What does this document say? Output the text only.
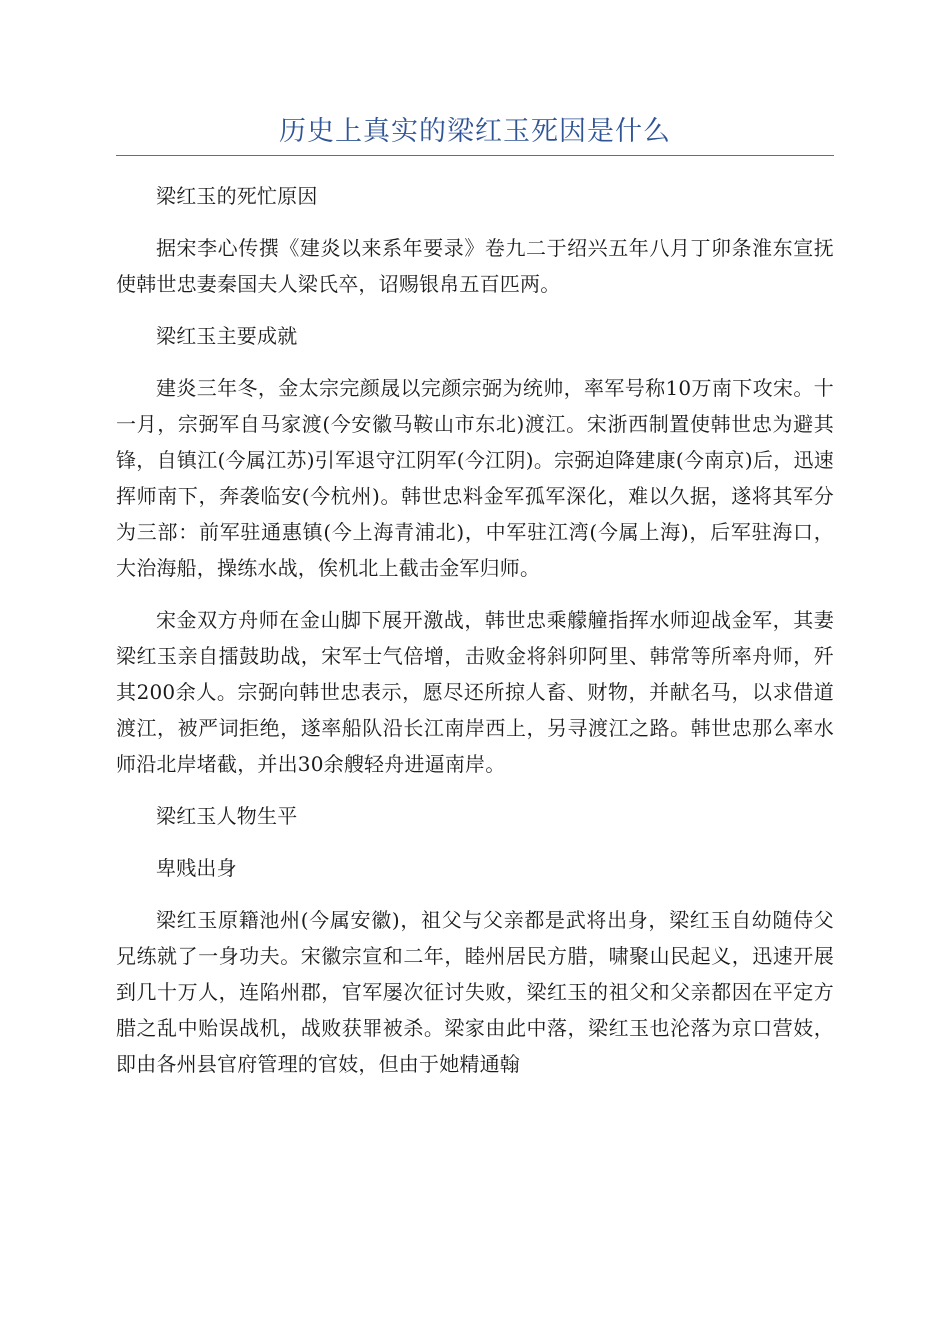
历史上真实的梁红玉死因是什么

梁红玉的死忙原因

据宋李心传撰《建炎以来系年要录》卷九二于绍兴五年八月丁卯条淮东宣抚使韩世忠妻秦国夫人梁氏卒，诏赐银帛五百匹两。

梁红玉主要成就

建炎三年冬，金太宗完颜晟以完颜宗弼为统帅，率军号称10万南下攻宋。十一月，宗弼军自马家渡(今安徽马鞍山市东北)渡江。宋浙西制置使韩世忠为避其锋，自镇江(今属江苏)引军退守江阴军(今江阴)。宗弼迫降建康(今南京)后，迅速挥师南下，奔袭临安(今杭州)。韩世忠料金军孤军深化，难以久据，遂将其军分为三部：前军驻通惠镇(今上海青浦北)，中军驻江湾(今属上海)，后军驻海口，大治海船，操练水战，俟机北上截击金军归师。

宋金双方舟师在金山脚下展开激战，韩世忠乘艨艟指挥水师迎战金军，其妻梁红玉亲自擂鼓助战，宋军士气倍增，击败金将斜卯阿里、韩常等所率舟师，歼其200余人。宗弼向韩世忠表示，愿尽还所掠人畜、财物，并献名马，以求借道渡江，被严词拒绝，遂率船队沿长江南岸西上，另寻渡江之路。韩世忠那么率水师沿北岸堵截，并出30余艘轻舟进逼南岸。

梁红玉人物生平

卑贱出身

梁红玉原籍池州(今属安徽)，祖父与父亲都是武将出身，梁红玉自幼随侍父兄练就了一身功夫。宋徽宗宣和二年，睦州居民方腊，啸聚山民起义，迅速开展到几十万人，连陷州郡，官军屡次征讨失败，梁红玉的祖父和父亲都因在平定方腊之乱中贻误战机，战败获罪被杀。梁家由此中落，梁红玉也沦落为京口营妓，即由各州县官府管理的官妓，但由于她精通翰
